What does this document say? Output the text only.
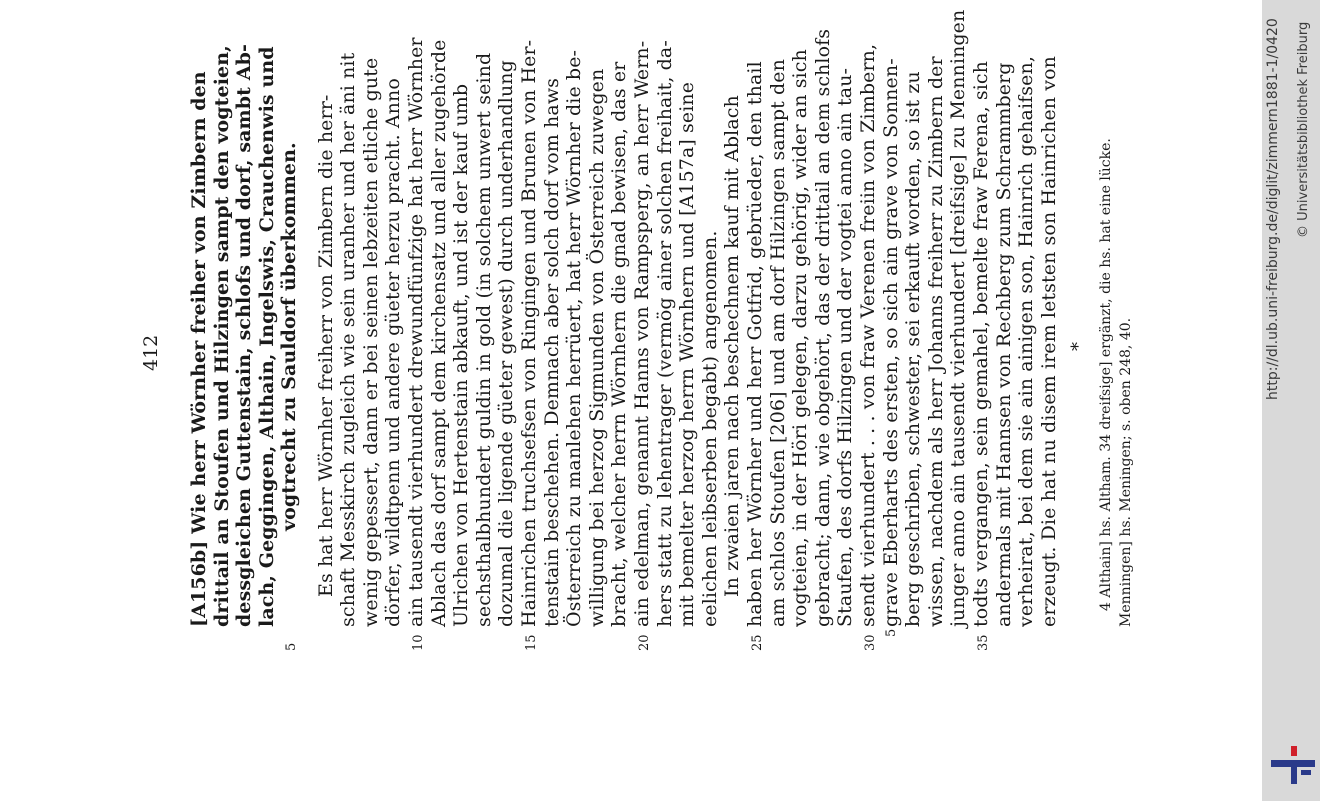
412 [A156b] Wie herr Wörnher freiher von Zimbern den drittail an Stoufen und Hilzingen sampt den vogteien, dessgleichen Guttenstain, schlofs und dorf, sambt Ab- lach, Geggingen, Althain, Ingelswis, Crauchenwis und vogtrecht zu Sauldorf überkommen.
5
Es hat herr Wörnher freiherr von Zimbern die herr- schaft Messkirch zugleich wie sein uranher und her äni nit wenig gepessert, dann er bei seinen lebzeiten etliche gute dörfer, wildtpenn und andere güeter herzu pracht. Anno ain tausendt vierhundert drewundfünfzige hat herr Wörnher
10
Ablach das dorf sampt dem kirchensatz und aller zugehörde Ulrichen von Hertenstain abkauft, und ist der kauf umb sechsthalbhundert guldin in gold (in solchem unwert seind dozumal die ligende güeter gewest) durch underhandlung Hainrichen truchsefsen von Ringingen und Brunen von Her-
15
tenstain beschehen. Demnach aber solch dorf vom haws Österreich zu manlehen herrüert, hat herr Wörnher die be- willigung bei herzog Sigmunden von Österreich zuwegen bracht, welcher herrn Wörnhern die gnad bewisen, das er ain edelman, genannt Hanns von Rampsperg, an herr Wern-
20
hers statt zu lehentrager (vermög ainer solchen freihait, da- mit bemelter herzog herrn Wörnhern und [A157a] seine eelichen leibserben begabt) angenomen. In zwaien jaren nach beschechnem kauf mit Ablach haben her Wörnher und herr Gotfrid, gebrüeder, den thail
25
am schlos Stoufen [206] und am dorf Hilzingen sampt den vogteien, in der Höri gelegen, darzu gehörig, wider an sich gebracht; dann, wie obgehört, das der drittail an dem schlofs Staufen, des dorfs Hilzingen und der vogtei anno ain tau- sendt vierhundert . . . von fraw Verenen freiin von Zimbern,
30
grave Eberharts des ersten, so sich ain grave von Sonnen-
5
berg geschriben, schwester, sei erkauft worden, so ist zu wissen, nachdem als herr Johanns freiherr zu Zimbern der junger anno ain tausendt vierhundert [dreifsige] zu Menningen todts vergangen, sein gemahel, bemelte fraw Ferena, sich
35
andermals mit Hannsen von Rechberg zum Schrammberg verheirat, bei dem sie ain ainigen son, Hainrich gehaifsen, erzeugt. Die hat nu disem irem letsten son Hainrichen von * 4 Althain] hs. Altham. 34 dreifsige] ergänzt, die hs. hat eine lücke. Menningen] hs. Meningen; s. oben 248, 40.
http://dl.ub.uni-freiburg.de/diglit/zimmern1881-1/0420 © Universitätsbibliothek Freiburg
